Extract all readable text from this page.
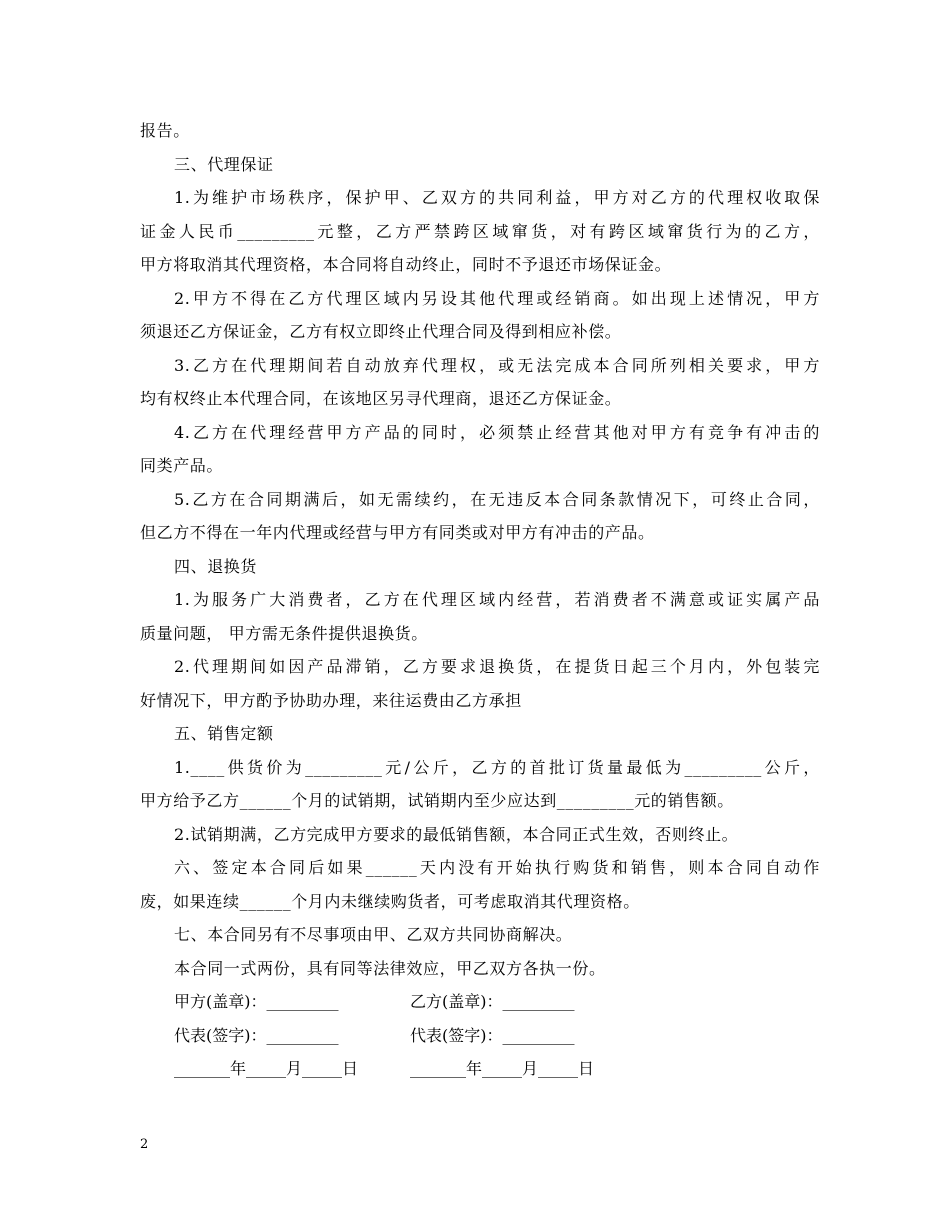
报告。
三、代理保证
1.为维护市场秩序，保护甲、乙双方的共同利益，甲方对乙方的代理权收取保
证金人民币_________元整，乙方严禁跨区域窜货，对有跨区域窜货行为的乙方，
甲方将取消其代理资格，本合同将自动终止，同时不予退还市场保证金。
2.甲方不得在乙方代理区域内另设其他代理或经销商。如出现上述情况，甲方
须退还乙方保证金，乙方有权立即终止代理合同及得到相应补偿。
3.乙方在代理期间若自动放弃代理权，或无法完成本合同所列相关要求，甲方
均有权终止本代理合同，在该地区另寻代理商，退还乙方保证金。
4.乙方在代理经营甲方产品的同时，必须禁止经营其他对甲方有竞争有冲击的
同类产品。
5.乙方在合同期满后，如无需续约，在无违反本合同条款情况下，可终止合同，
但乙方不得在一年内代理或经营与甲方有同类或对甲方有冲击的产品。
四、退换货
1.为服务广大消费者，乙方在代理区域内经营，若消费者不满意或证实属产品
质量问题， 甲方需无条件提供退换货。
2.代理期间如因产品滞销，乙方要求退换货，在提货日起三个月内，外包装完
好情况下，甲方酌予协助办理，来往运费由乙方承担
五、销售定额
1.____供货价为_________元/公斤，乙方的首批订货量最低为_________公斤，
甲方给予乙方______个月的试销期，试销期内至少应达到_________元的销售额。
2.试销期满，乙方完成甲方要求的最低销售额，本合同正式生效，否则终止。
六、签定本合同后如果______天内没有开始执行购货和销售，则本合同自动作
废，如果连续______个月内未继续购货者，可考虑取消其代理资格。
七、本合同另有不尽事项由甲、乙双方共同协商解决。
本合同一式两份，具有同等法律效应，甲乙双方各执一份。
甲方(盖章)：_________	乙方(盖章)：_________
代表(签字)：_________	代表(签字)：_________
_______年_____月_____日	_______年_____月_____日
2
